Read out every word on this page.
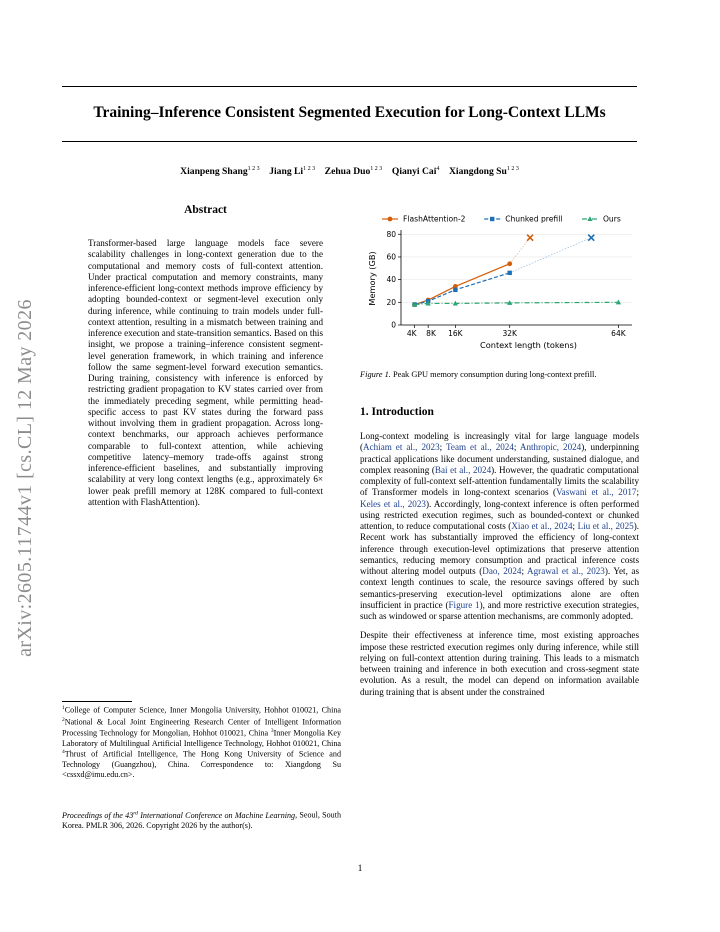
Training–Inference Consistent Segmented Execution for Long-Context LLMs
Xianpeng Shang$^{1 2 3}$  Jiang $Li^{1 2 3}$  Zehua Duo$^{1 2 3}$  Qianyi Cai$^4$  Xiangdong $Su^{1 2 3}$
arXiv:2605.11744v1 [cs.CL] 12 May 2026
Abstract
Transformer-based large language models face severe scalability challenges in long-context generation due to the computational and memory costs of full-context attention. Under practical computation and memory constraints, many inference-efficient long-context methods improve efficiency by adopting bounded-context or segment-level execution only during inference, while continuing to train models under full-context attention, resulting in a mismatch between training and inference execution and state-transition semantics. Based on this insight, we propose a training–inference consistent segment-level generation framework, in which training and inference follow the same segment-level forward execution semantics. During training, consistency with inference is enforced by restricting gradient propagation to KV states carried over from the immediately preceding segment, while permitting head-specific access to past KV states during the forward pass without involving them in gradient propagation. Across long-context benchmarks, our approach achieves performance comparable to full-context attention, while achieving competitive latency–memory trade-offs against strong inference-efficient baselines, and substantially improving scalability at very long context lengths (e.g., approximately 6× lower peak prefill memory at 128K compared to full-context attention with FlashAttention).
$^1$College of Computer Science, Inner Mongolia University, Hohhot 010021, China $^2$National & Local Joint Engineering Research Center of Intelligent Information Processing Technology for Mongolian, Hohhot 010021, China $^3$Inner Mongolia Key Laboratory of Multilingual Artificial Intelligence Technology, Hohhot 010021, China $^4$Thrust of Artificial Intelligence, The Hong Kong University of Science and Technology (Guangzhou), China. Correspondence to: Xiangdong Su <cssxd@imu.edu.cn>.
Proceedings of the 43rd International Conference on Machine Learning, Seoul, South Korea. PMLR 306, 2026. Copyright 2026 by the author(s).
1
0
20
40
60
80
4K 8K 16K	32K	64K
Context length (tokens)
Memory (GB)
FlashAttention-2	Chunked prefill	Ours
Figure 1. Peak GPU memory consumption during long-context prefill.
1. Introduction

Long-context modeling is increasingly vital for large language models (Achiam et al., 2023; Team et al., 2024; Anthropic, 2024), underpinning practical applications like document understanding, sustained dialogue, and complex reasoning (Bai et al., 2024). However, the quadratic computational complexity of full-context self-attention fundamentally limits the scalability of Transformer models in long-context scenarios (Vaswani et al., 2017; Keles et al., 2023). Accordingly, long-context inference is often performed using restricted execution regimes, such as bounded-context or chunked attention, to reduce computational costs (Xiao et al., 2024; Liu et al., 2025). Recent work has substantially improved the efficiency of long-context inference through execution-level optimizations that preserve attention semantics, reducing memory consumption and practical inference costs without altering model outputs (Dao, 2024; Agrawal et al., 2023). Yet, as context length continues to scale, the resource savings offered by such semantics-preserving execution-level optimizations alone are often insufficient in practice (Figure 1), and more restrictive execution strategies, such as windowed or sparse attention mechanisms, are commonly adopted.

Despite their effectiveness at inference time, most existing approaches impose these restricted execution regimes only during inference, while still relying on full-context attention during training. This leads to a mismatch between training and inference in both execution and cross-segment state evolution. As a result, the model can depend on information available during training that is absent under the constrained
